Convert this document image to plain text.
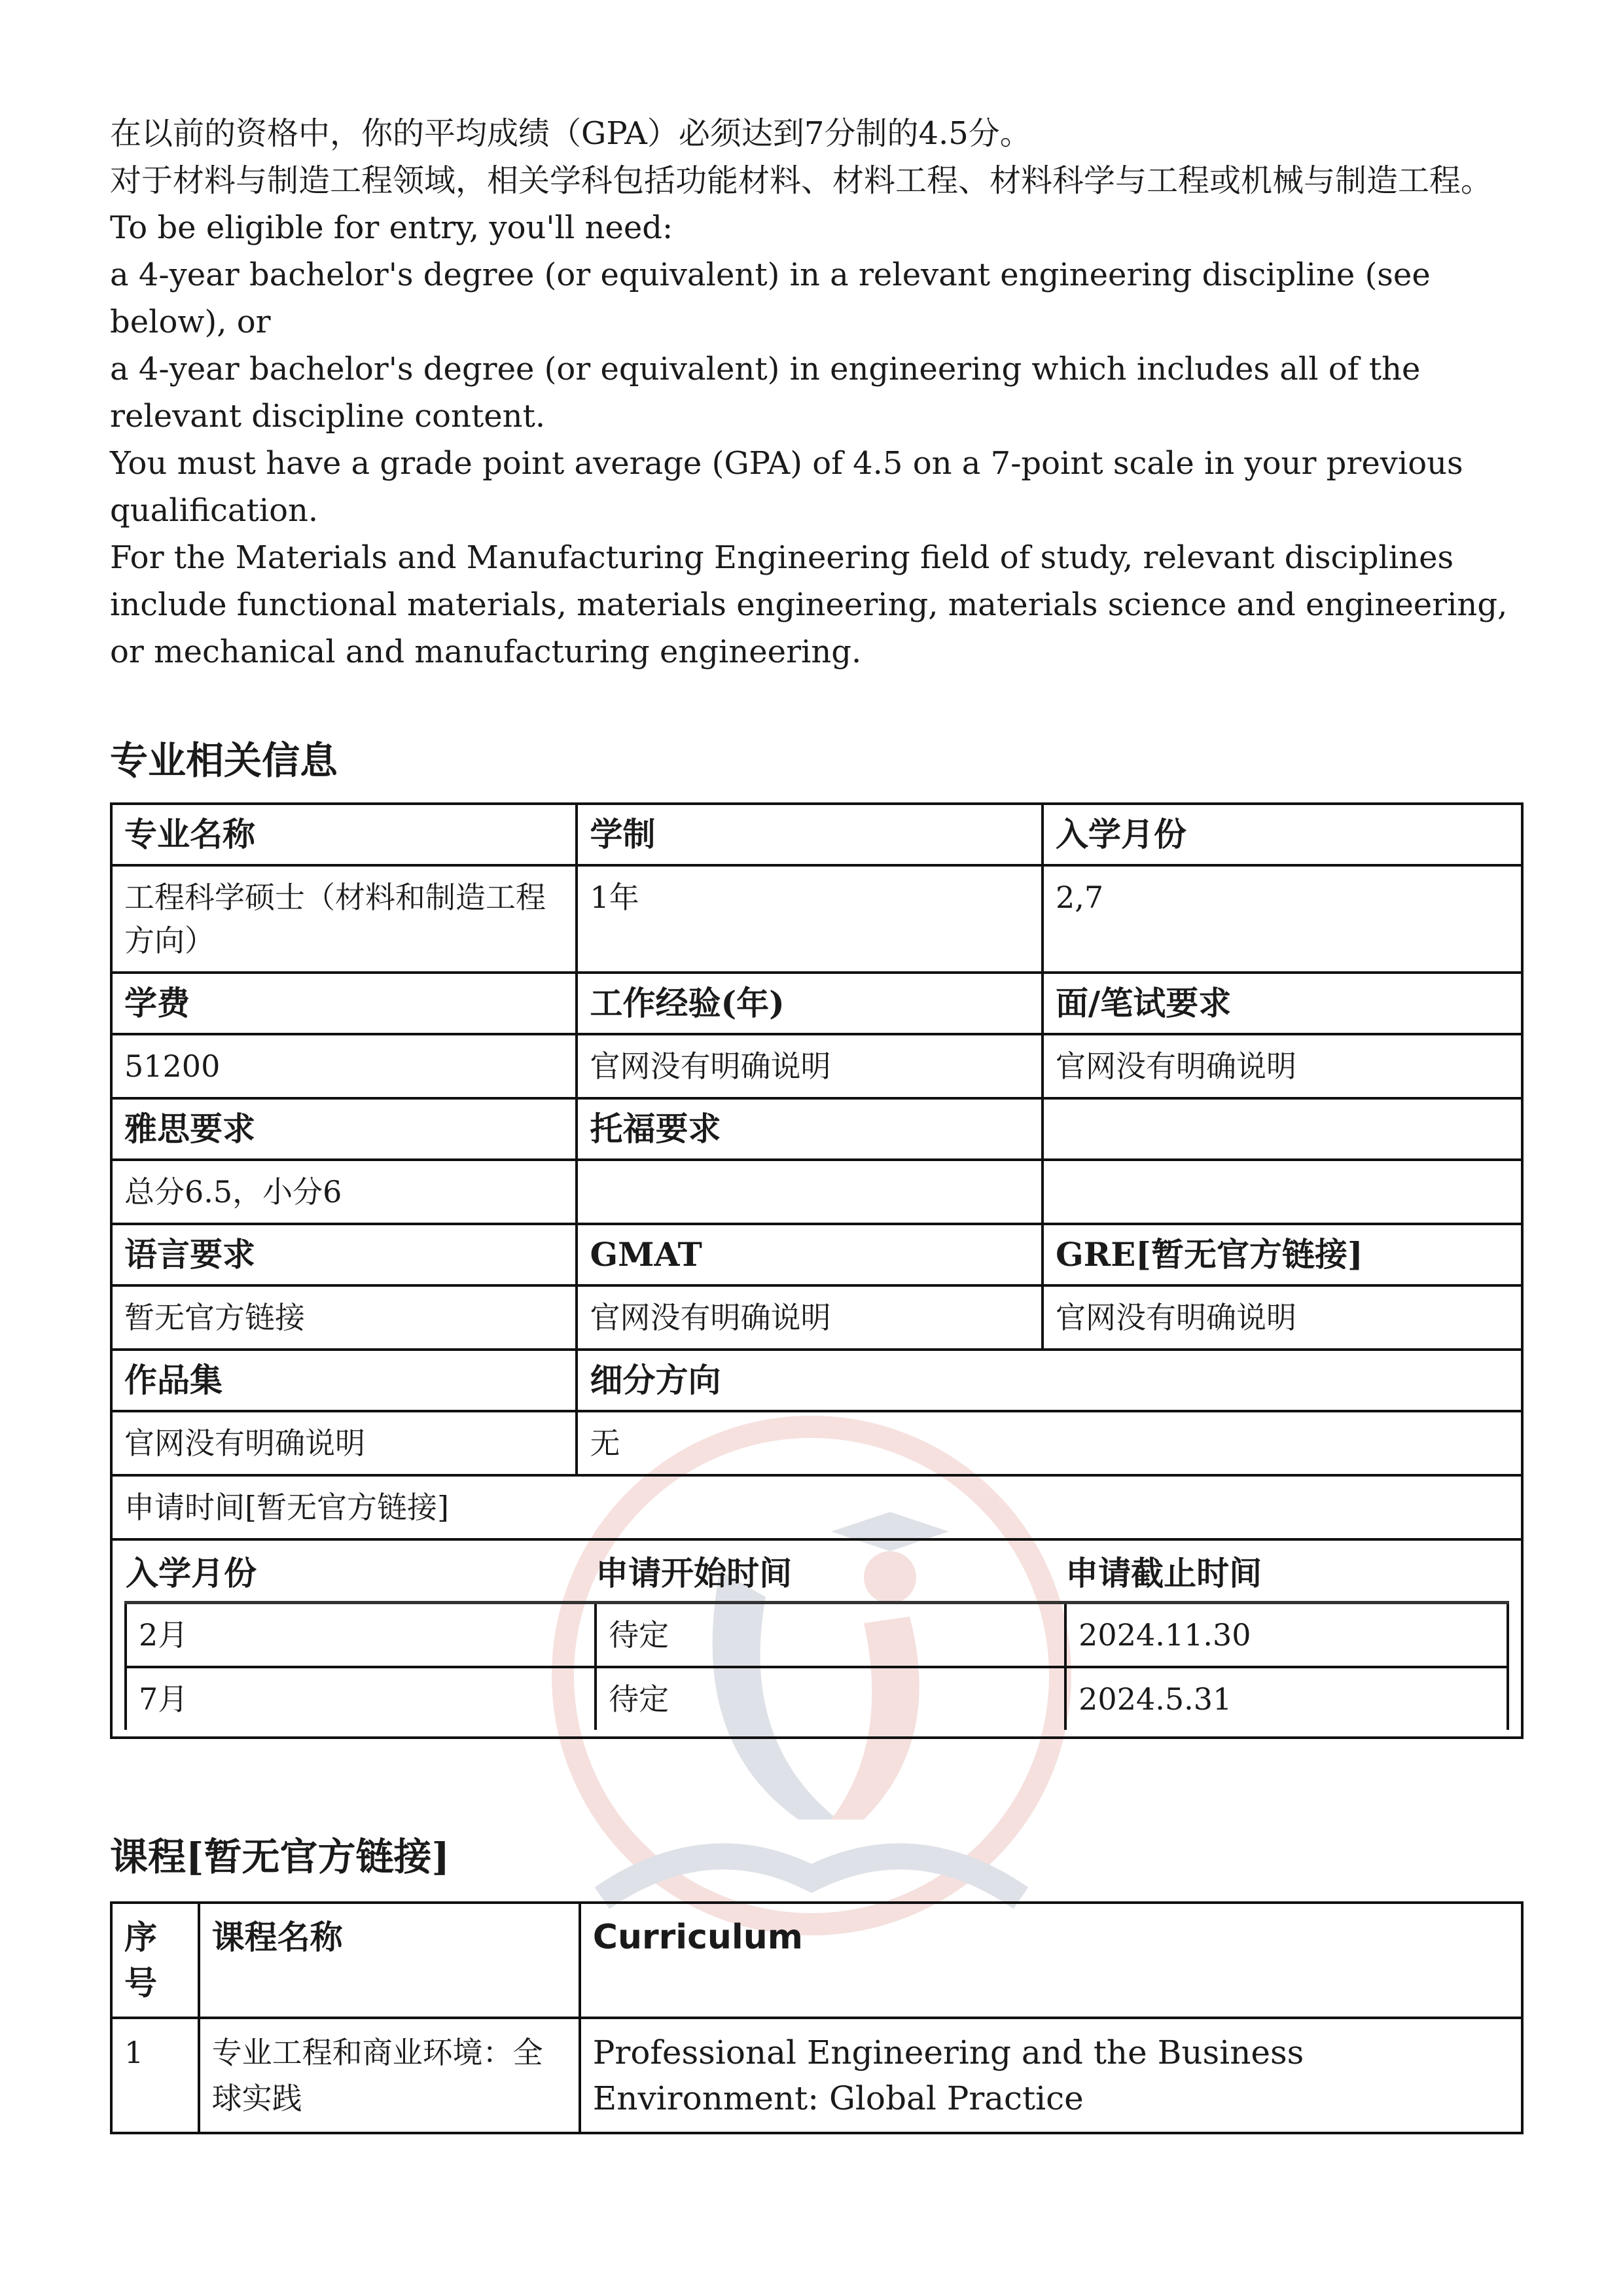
在以前的资格中，你的平均成绩（GPA）必须达到7分制的4.5分。

对于材料与制造工程领域，相关学科包括功能材料、材料工程、材料科学与工程或机械与制造工程。

To be eligible for entry, you'll need:

a 4-year bachelor's degree (or equivalent) in a relevant engineering discipline (see below), or

a 4-year bachelor's degree (or equivalent) in engineering which includes all of the relevant discipline content.

You must have a grade point average (GPA) of 4.5 on a 7-point scale in your previous qualification.

For the Materials and Manufacturing Engineering field of study, relevant disciplines include functional materials, materials engineering, materials science and engineering, or mechanical and manufacturing engineering.

专业相关信息
专业名称	学制	入学月份
工程科学硕士（材料和制造工程方向）	1年	2,7
学费	工作经验(年)	面/笔试要求
51200	官网没有明确说明	官网没有明确说明
雅思要求	托福要求	
总分6.5，小分6		
语言要求	GMAT	GRE[暂无官方链接]
暂无官方链接	官网没有明确说明	官网没有明确说明
作品集	细分方向
官网没有明确说明	无
申请时间[暂无官方链接]

入学月份	申请开始时间	申请截止时间
2月	待定	2024.11.30
7月	待定	2024.5.31
课程[暂无官方链接]
序号	课程名称	Curriculum
1	专业工程和商业环境：全球实践	Professional Engineering and the Business Environment: Global Practice
